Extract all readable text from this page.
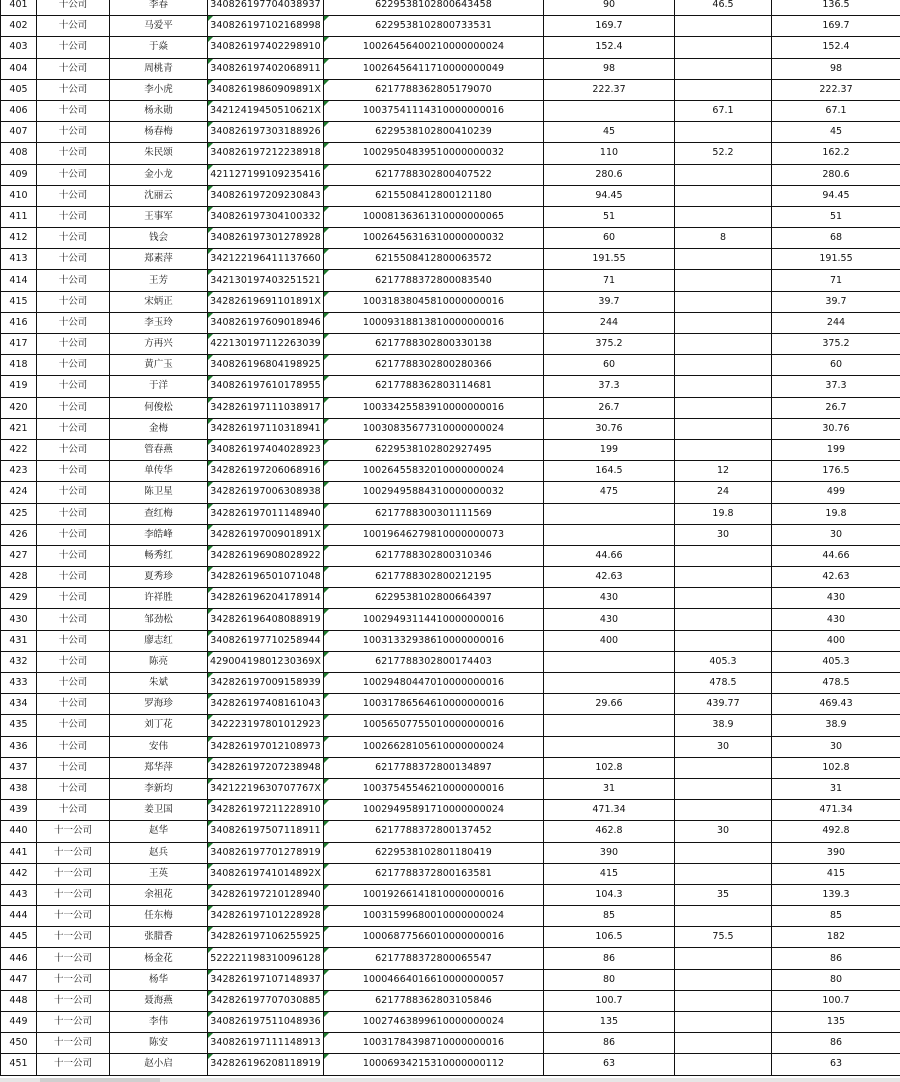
401	十公司	李春	340826197704038937	6229538102800643458	90	46.5	136.5
402	十公司	马爱平	340826197102168998	6229538102800733531	169.7		169.7
403	十公司	于焱	340826197402298910	10026456400210000000024	152.4		152.4
404	十公司	周桃青	340826197402068911	10026456411710000000049	98		98
405	十公司	李小虎	34082619860909891X	6217788362805179070	222.37		222.37
406	十公司	杨永勋	34212419450510621X	10037541114310000000016		67.1	67.1
407	十公司	杨春梅	340826197303188926	6229538102800410239	45		45
408	十公司	朱民颂	340826197212238918	10029504839510000000032	110	52.2	162.2
409	十公司	金小龙	421127199109235416	6217788302800407522	280.6		280.6
410	十公司	沈丽云	340826197209230843	6215508412800121180	94.45		94.45
411	十公司	王事军	340826197304100332	10008136361310000000065	51		51
412	十公司	钱会	340826197301278928	10026456316310000000032	60	8	68
413	十公司	郑素萍	342122196411137660	6215508412800063572	191.55		191.55
414	十公司	王芳	342130197403251521	6217788372800083540	71		71
415	十公司	宋炳正	34282619691101891X	10031838045810000000016	39.7		39.7
416	十公司	李玉玲	340826197609018946	10009318813810000000016	244		244
417	十公司	方再兴	422130197112263039	6217788302800330138	375.2		375.2
418	十公司	黄广玉	340826196804198925	6217788302800280366	60		60
419	十公司	于洋	340826197610178955	6217788362803114681	37.3		37.3
420	十公司	何俊松	342826197111038917	10033425583910000000016	26.7		26.7
421	十公司	金梅	342826197110318941	10030835677310000000024	30.76		30.76
422	十公司	管春燕	340826197404028923	6229538102802927495	199		199
423	十公司	单传华	342826197206068916	10026455832010000000024	164.5	12	176.5
424	十公司	陈卫星	342826197006308938	10029495884310000000032	475	24	499
425	十公司	查红梅	342826197011148940	6217788300301111569		19.8	19.8
426	十公司	李皓峰	34282619700901891X	10019646279810000000073		30	30
427	十公司	畅秀红	342826196908028922	6217788302800310346	44.66		44.66
428	十公司	夏秀珍	342826196501071048	6217788302800212195	42.63		42.63
429	十公司	许祥胜	342826196204178914	6229538102800664397	430		430
430	十公司	邹劲松	342826196408088919	10029493114410000000016	430		430
431	十公司	廖志红	340826197710258944	10031332938610000000016	400		400
432	十公司	陈亮	42900419801230369X	6217788302800174403		405.3	405.3
433	十公司	朱斌	342826197009158939	10029480447010000000016		478.5	478.5
434	十公司	罗海珍	342826197408161043	10031786564610000000016	29.66	439.77	469.43
435	十公司	刘丁花	342223197801012923	10056507755010000000016		38.9	38.9
436	十公司	安伟	342826197012108973	10026628105610000000024		30	30
437	十公司	郑华萍	342826197207238948	6217788372800134897	102.8		102.8
438	十公司	李新均	34212219630707767X	10037545546210000000016	31		31
439	十公司	姜卫国	342826197211228910	10029495891710000000024	471.34		471.34
440	十一公司	赵华	340826197507118911	6217788372800137452	462.8	30	492.8
441	十一公司	赵兵	340826197701278919	6229538102801180419	390		390
442	十一公司	王英	34082619741014892X	6217788372800163581	415		415
443	十一公司	余祖花	342826197210128940	10019266141810000000016	104.3	35	139.3
444	十一公司	任东梅	342826197101228928	10031599680010000000024	85		85
445	十一公司	张腊香	342826197106255925	10006877566010000000016	106.5	75.5	182
446	十一公司	杨金花	522221198310096128	6217788372800065547	86		86
447	十一公司	杨华	342826197107148937	10004664016610000000057	80		80
448	十一公司	聂海燕	342826197707030885	6217788362803105846	100.7		100.7
449	十一公司	李伟	340826197511048936	10027463899610000000024	135		135
450	十一公司	陈安	340826197111148913	10031784398710000000016	86		86
451	十一公司	赵小启	342826196208118919	10006934215310000000112	63		63
